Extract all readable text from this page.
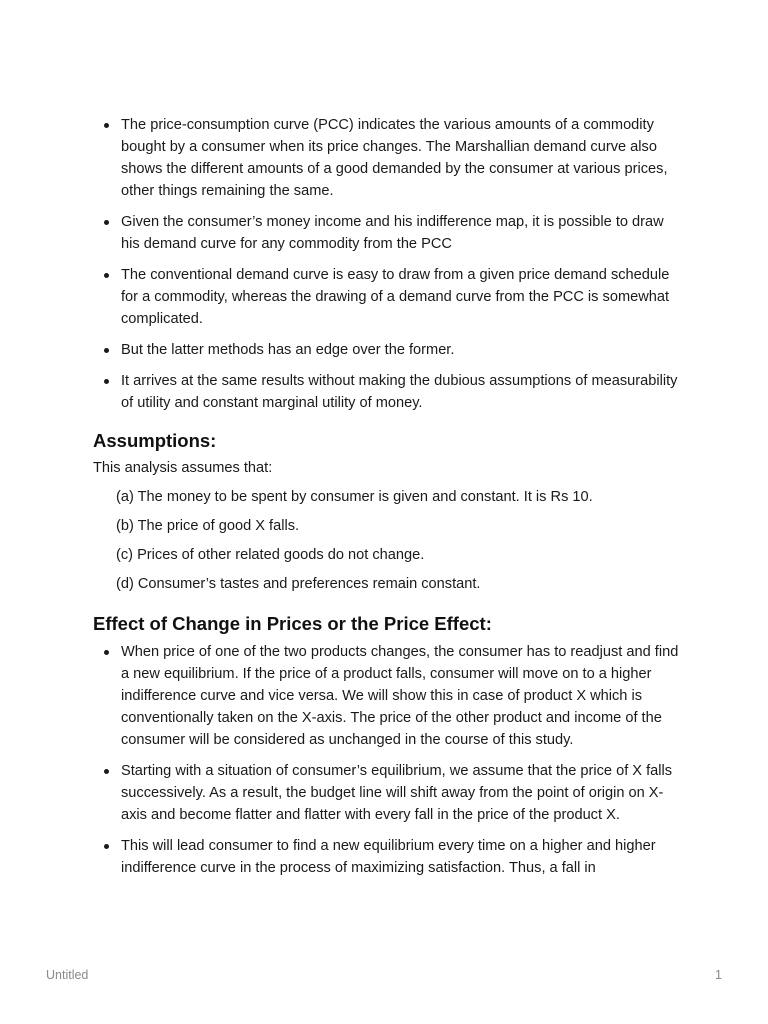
The price-consumption curve (PCC) indicates the various amounts of a commodity bought by a consumer when its price changes. The Marshallian demand curve also shows the different amounts of a good demanded by the consumer at various prices, other things remaining the same.
Given the consumer’s money income and his indifference map, it is possible to draw his demand curve for any commodity from the PCC
The conventional demand curve is easy to draw from a given price demand schedule for a commodity, whereas the drawing of a demand curve from the PCC is somewhat complicated.
But the latter methods has an edge over the former.
It arrives at the same results without making the dubious assumptions of measurability of utility and constant marginal utility of money.
Assumptions:

This analysis assumes that:

(a) The money to be spent by consumer is given and constant. It is Rs 10.

(b) The price of good X falls.

(c) Prices of other related goods do not change.

(d) Consumer’s tastes and preferences remain constant.

Effect of Change in Prices or the Price Effect:
When price of one of the two products changes, the consumer has to readjust and find a new equilibrium. If the price of a product falls, consumer will move on to a higher indifference curve and vice versa. We will show this in case of product X which is conventionally taken on the X-axis. The price of the other product and income of the consumer will be considered as unchanged in the course of this study.
Starting with a situation of consumer’s equilibrium, we assume that the price of X falls successively. As a result, the budget line will shift away from the point of origin on X-axis and become flatter and flatter with every fall in the price of the product X.
This will lead consumer to find a new equilibrium every time on a higher and higher indifference curve in the process of maximizing satisfaction. Thus, a fall in
Untitled	1
